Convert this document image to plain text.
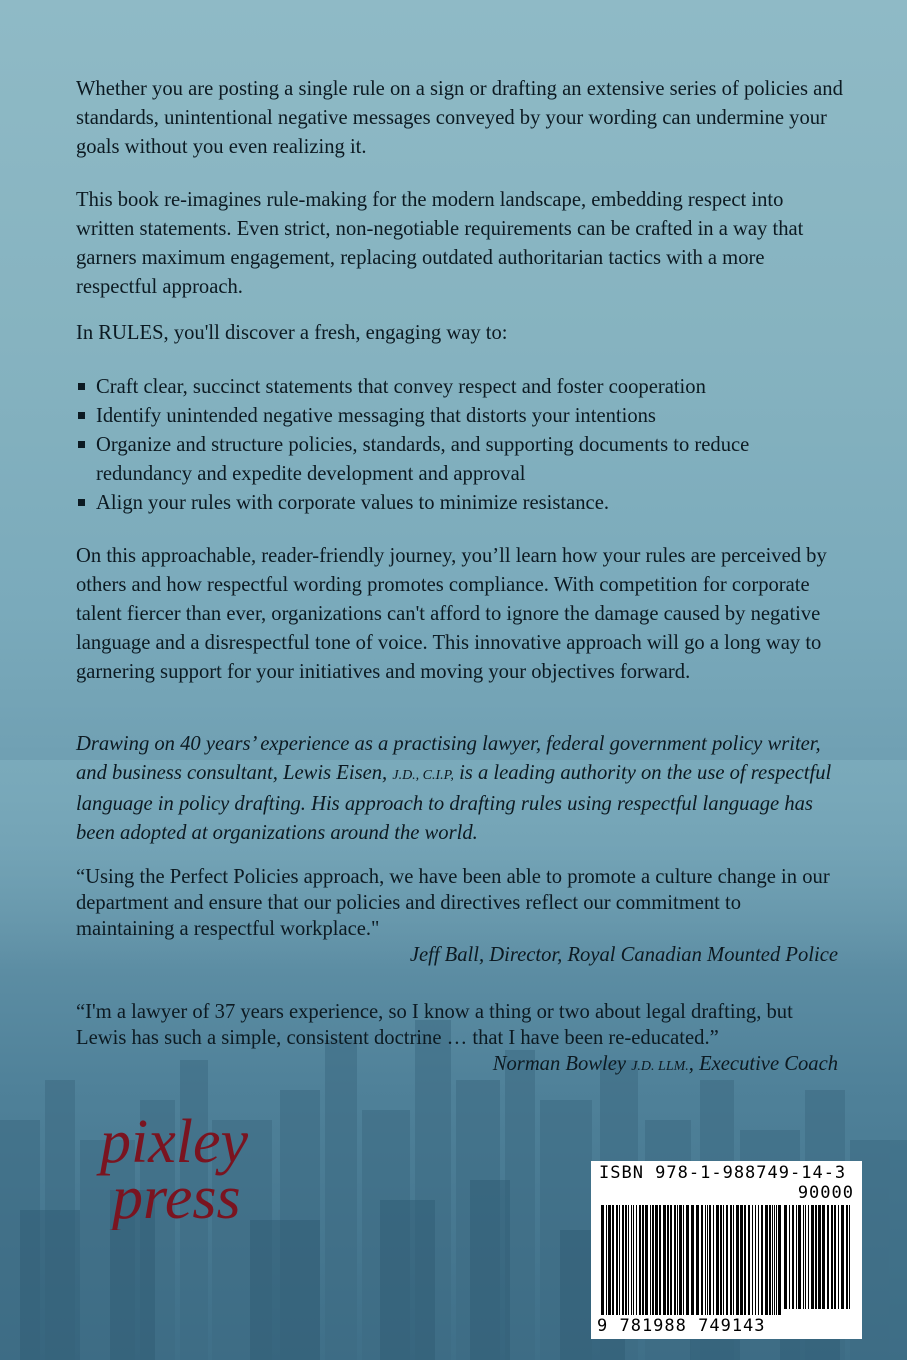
Whether you are posting a single rule on a sign or drafting an extensive series of policies and standards, unintentional negative messages conveyed by your wording can undermine your goals without you even realizing it.

This book re-imagines rule-making for the modern landscape, embedding respect into written statements. Even strict, non-negotiable requirements can be crafted in a way that garners maximum engagement, replacing outdated authoritarian tactics with a more respectful approach.

In RULES, you'll discover a fresh, engaging way to:

Craft clear, succinct statements that convey respect and foster cooperation
Identify unintended negative messaging that distorts your intentions
Organize and structure policies, standards, and supporting documents to reduce redundancy and expedite development and approval
Align your rules with corporate values to minimize resistance.

On this approachable, reader-friendly journey, you’ll learn how your rules are perceived by others and how respectful wording promotes compliance. With competition for corporate talent fiercer than ever, organizations can't afford to ignore the damage caused by negative language and a disrespectful tone of voice. This innovative approach will go a long way to garnering support for your initiatives and moving your objectives forward.

Drawing on 40 years’ experience as a practising lawyer, federal government policy writer, and business consultant, Lewis Eisen, J.D., C.I.P, is a leading authority on the use of respectful language in policy drafting. His approach to drafting rules using respectful language has been adopted at organizations around the world.

“Using the Perfect Policies approach, we have been able to promote a culture change in our department and ensure that our policies and directives reflect our commitment to maintaining a respectful workplace."
Jeff Ball, Director, Royal Canadian Mounted Police
“I'm a lawyer of 37 years experience, so I know a thing or two about legal drafting, but Lewis has such a simple, consistent doctrine … that I have been re-educated.”
Norman Bowley J.D. LLM., Executive Coach
pixley
press	ISBN 978-1-988749-14-3
90000
9 781988 749143
